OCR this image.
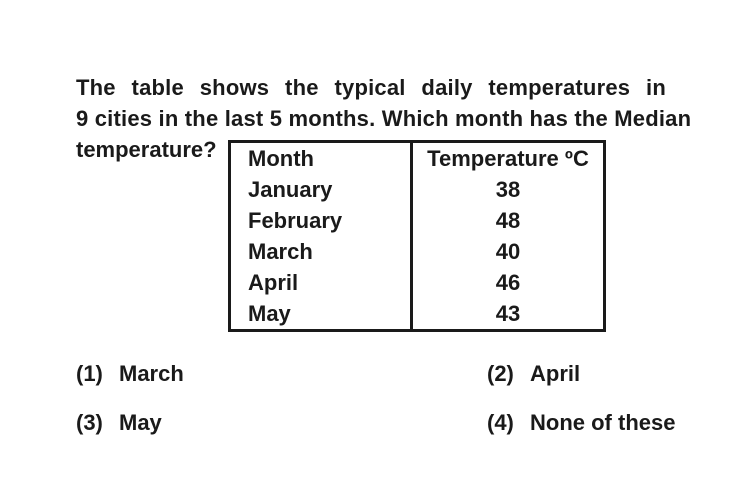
The table shows the typical daily temperatures in
9 cities in the last 5 months. Which month has the Median
temperature? Month	Temperature ºC
January	38
February	48
March	40
April	46
May	43
(1) March	(2) April
(3) May	(4) None of these
